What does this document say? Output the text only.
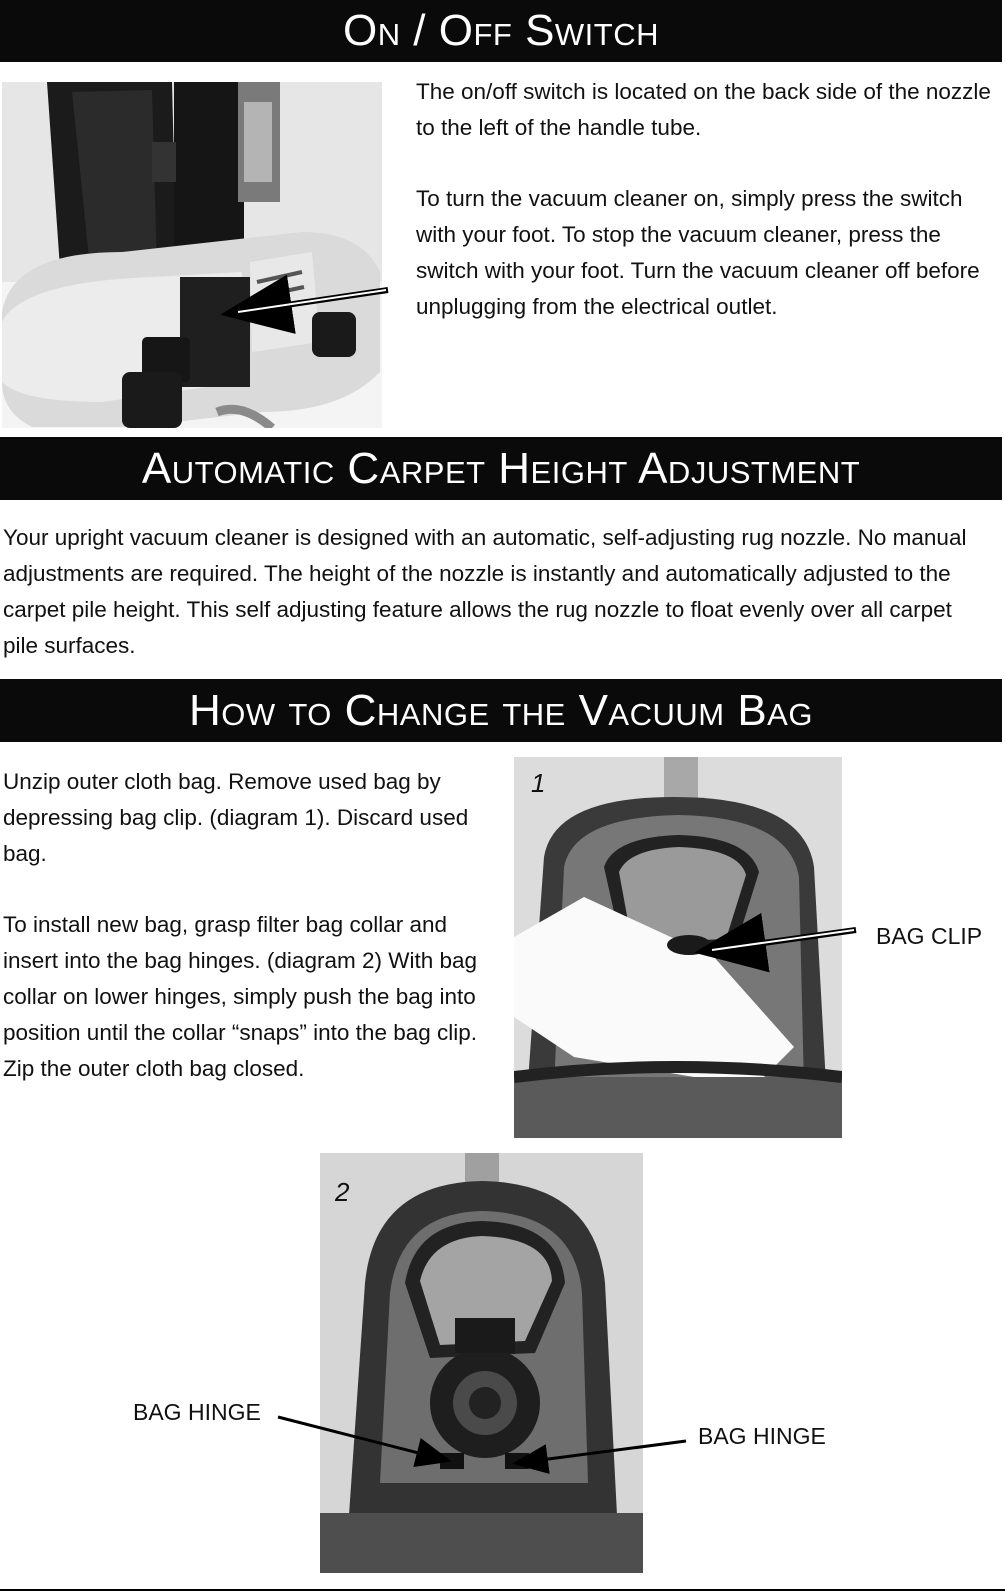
On / Off Switch

The on/off switch is located on the back side of the nozzle to the left of the handle tube.

To turn the vacuum cleaner on, simply press the switch with your foot. To stop the vacuum cleaner, press the switch with your foot. Turn the vacuum cleaner off before unplugging from the electrical outlet.

Automatic Carpet Height Adjustment

Your upright vacuum cleaner is designed with an automatic, self-adjusting rug nozzle. No manual adjustments are required. The height of the nozzle is instantly and automatically adjusted to the carpet pile height. This self adjusting feature allows the rug nozzle to float evenly over all carpet pile surfaces.

How to Change the Vacuum Bag

Unzip outer cloth bag. Remove used bag by depressing bag clip. (diagram 1). Discard used bag.

To install new bag, grasp filter bag collar and insert into the bag hinges. (diagram 2) With bag collar on lower hinges, simply push the bag into position until the collar “snaps” into the bag clip. Zip the outer cloth bag closed.

1
BAG CLIP
2
BAG HINGE
BAG HINGE
